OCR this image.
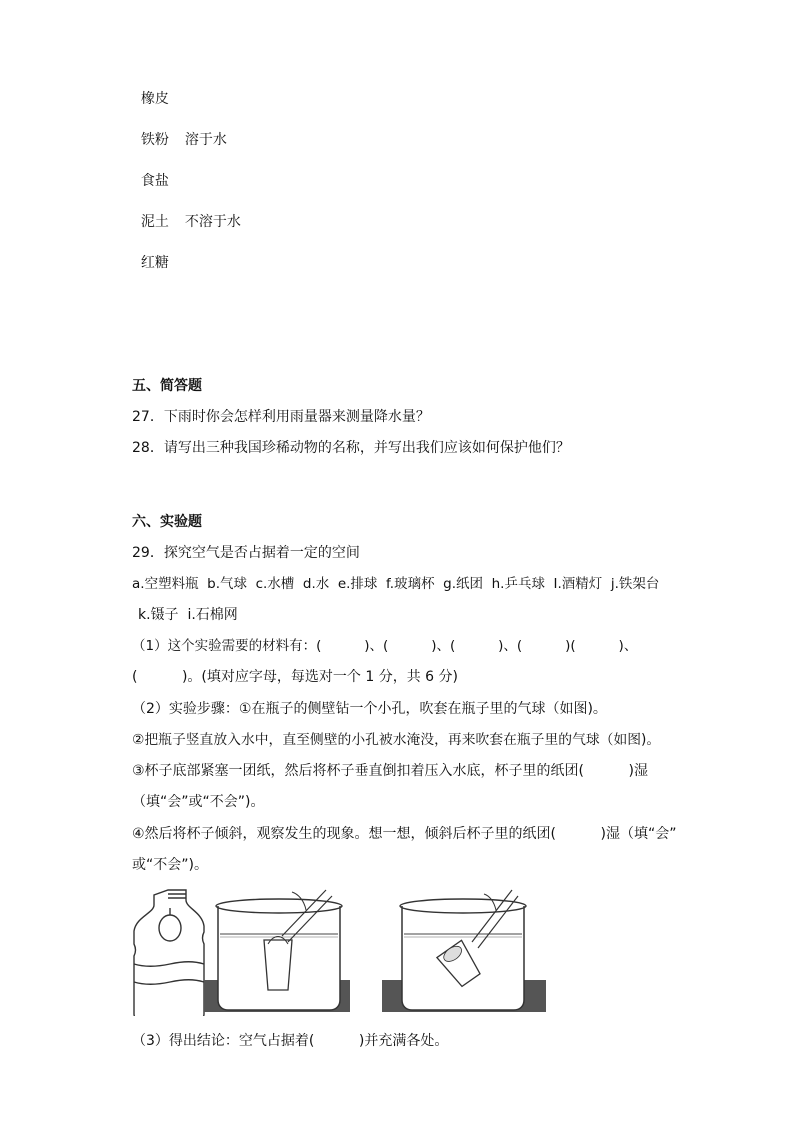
橡皮

铁粉 溶于水

食盐

泥土 不溶于水

红糖

五、简答题
27．下雨时你会怎样利用雨量器来测量降水量？
28．请写出三种我国珍稀动物的名称，并写出我们应该如何保护他们？
六、实验题
29．探究空气是否占据着一定的空间
a.空塑料瓶  b.气球  c.水槽  d.水  e.排球  f.玻璃杯  g.纸团  h.乒乓球  I.酒精灯  j.铁架台
k.镊子  i.石棉网
（1）这个实验需要的材料有：(          )、(          )、(          )、(          )(          )、
(          )。(填对应字母，每选对一个 1 分，共 6 分)
（2）实验步骤：①在瓶子的侧壁钻一个小孔，吹套在瓶子里的气球（如图)。
②把瓶子竖直放入水中，直至侧壁的小孔被水淹没，再来吹套在瓶子里的气球（如图)。
③杯子底部紧塞一团纸，然后将杯子垂直倒扣着压入水底，杯子里的纸团(          )湿
（填“会”或“不会”)。
④然后将杯子倾斜，观察发生的现象。想一想，倾斜后杯子里的纸团(          )湿（填“会”
或“不会”)。
（3）得出结论：空气占据着(          )并充满各处。
